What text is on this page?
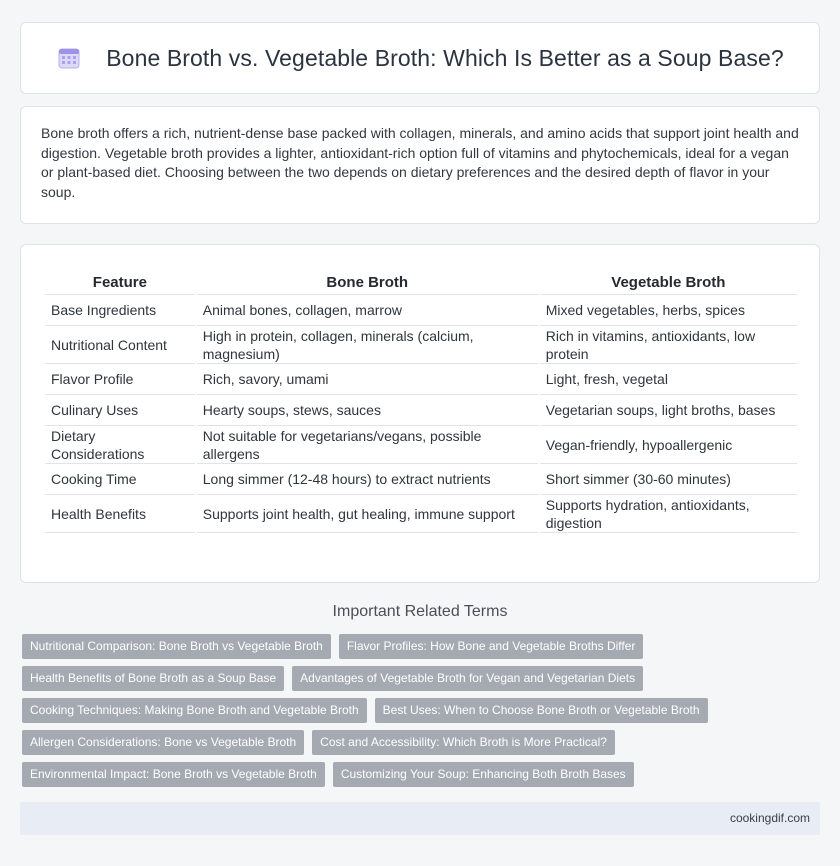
Bone Broth vs. Vegetable Broth: Which Is Better as a Soup Base?

Bone broth offers a rich, nutrient-dense base packed with collagen, minerals, and amino acids that support joint health and digestion. Vegetable broth provides a lighter, antioxidant-rich option full of vitamins and phytochemicals, ideal for a vegan or plant-based diet. Choosing between the two depends on dietary preferences and the desired depth of flavor in your soup.

Feature	Bone Broth	Vegetable Broth
Base Ingredients	Animal bones, collagen, marrow	Mixed vegetables, herbs, spices
Nutritional Content	High in protein, collagen, minerals (calcium, magnesium)	Rich in vitamins, antioxidants, low protein
Flavor Profile	Rich, savory, umami	Light, fresh, vegetal
Culinary Uses	Hearty soups, stews, sauces	Vegetarian soups, light broths, bases
Dietary Considerations	Not suitable for vegetarians/vegans, possible allergens	Vegan-friendly, hypoallergenic
Cooking Time	Long simmer (12-48 hours) to extract nutrients	Short simmer (30-60 minutes)
Health Benefits	Supports joint health, gut healing, immune support	Supports hydration, antioxidants, digestion
Important Related Terms
Nutritional Comparison: Bone Broth vs Vegetable Broth	Flavor Profiles: How Bone and Vegetable Broths Differ
Health Benefits of Bone Broth as a Soup Base	Advantages of Vegetable Broth for Vegan and Vegetarian Diets
Cooking Techniques: Making Bone Broth and Vegetable Broth	Best Uses: When to Choose Bone Broth or Vegetable Broth
Allergen Considerations: Bone vs Vegetable Broth	Cost and Accessibility: Which Broth is More Practical?
Environmental Impact: Bone Broth vs Vegetable Broth	Customizing Your Soup: Enhancing Both Broth Bases
cookingdif.com
